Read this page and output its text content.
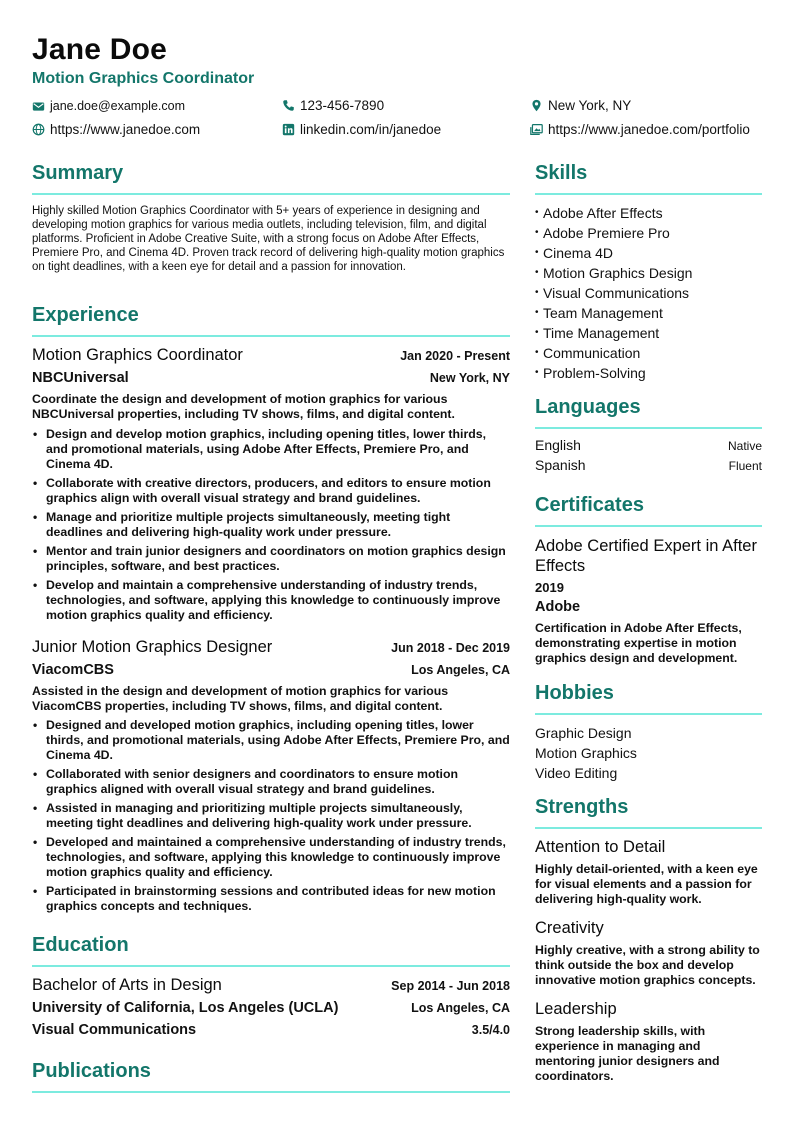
Jane Doe
Motion Graphics Coordinator
jane.doe@example.com	123-456-7890	New York, NY
https://www.janedoe.com	linkedin.com/in/janedoe	https://www.janedoe.com/portfolio
Summary
Highly skilled Motion Graphics Coordinator with 5+ years of experience in designing and developing motion graphics for various media outlets, including television, film, and digital platforms. Proficient in Adobe Creative Suite, with a strong focus on Adobe After Effects, Premiere Pro, and Cinema 4D. Proven track record of delivering high-quality motion graphics on tight deadlines, with a keen eye for detail and a passion for innovation.
Experience
Motion Graphics Coordinator	Jan 2020 - Present
NBCUniversal	New York, NY
Coordinate the design and development of motion graphics for various NBCUniversal properties, including TV shows, films, and digital content.
• Design and develop motion graphics, including opening titles, lower thirds, and promotional materials, using Adobe After Effects, Premiere Pro, and Cinema 4D.
• Collaborate with creative directors, producers, and editors to ensure motion graphics align with overall visual strategy and brand guidelines.
• Manage and prioritize multiple projects simultaneously, meeting tight deadlines and delivering high-quality work under pressure.
• Mentor and train junior designers and coordinators on motion graphics design principles, software, and best practices.
• Develop and maintain a comprehensive understanding of industry trends, technologies, and software, applying this knowledge to continuously improve motion graphics quality and efficiency.
Junior Motion Graphics Designer	Jun 2018 - Dec 2019
ViacomCBS	Los Angeles, CA
Assisted in the design and development of motion graphics for various ViacomCBS properties, including TV shows, films, and digital content.
• Designed and developed motion graphics, including opening titles, lower thirds, and promotional materials, using Adobe After Effects, Premiere Pro, and Cinema 4D.
• Collaborated with senior designers and coordinators to ensure motion graphics aligned with overall visual strategy and brand guidelines.
• Assisted in managing and prioritizing multiple projects simultaneously, meeting tight deadlines and delivering high-quality work under pressure.
• Developed and maintained a comprehensive understanding of industry trends, technologies, and software, applying this knowledge to continuously improve motion graphics quality and efficiency.
• Participated in brainstorming sessions and contributed ideas for new motion graphics concepts and techniques.
Education
Bachelor of Arts in Design	Sep 2014 - Jun 2018
University of California, Los Angeles (UCLA)	Los Angeles, CA
Visual Communications	3.5/4.0
Publications
Skills
• Adobe After Effects
• Adobe Premiere Pro
• Cinema 4D
• Motion Graphics Design
• Visual Communications
• Team Management
• Time Management
• Communication
• Problem-Solving
Languages
English	Native
Spanish	Fluent
Certificates
Adobe Certified Expert in After Effects
2019
Adobe
Certification in Adobe After Effects, demonstrating expertise in motion graphics design and development.
Hobbies
Graphic Design
Motion Graphics
Video Editing
Strengths
Attention to Detail
Highly detail-oriented, with a keen eye for visual elements and a passion for delivering high-quality work.
Creativity
Highly creative, with a strong ability to think outside the box and develop innovative motion graphics concepts.
Leadership
Strong leadership skills, with experience in managing and mentoring junior designers and coordinators.
